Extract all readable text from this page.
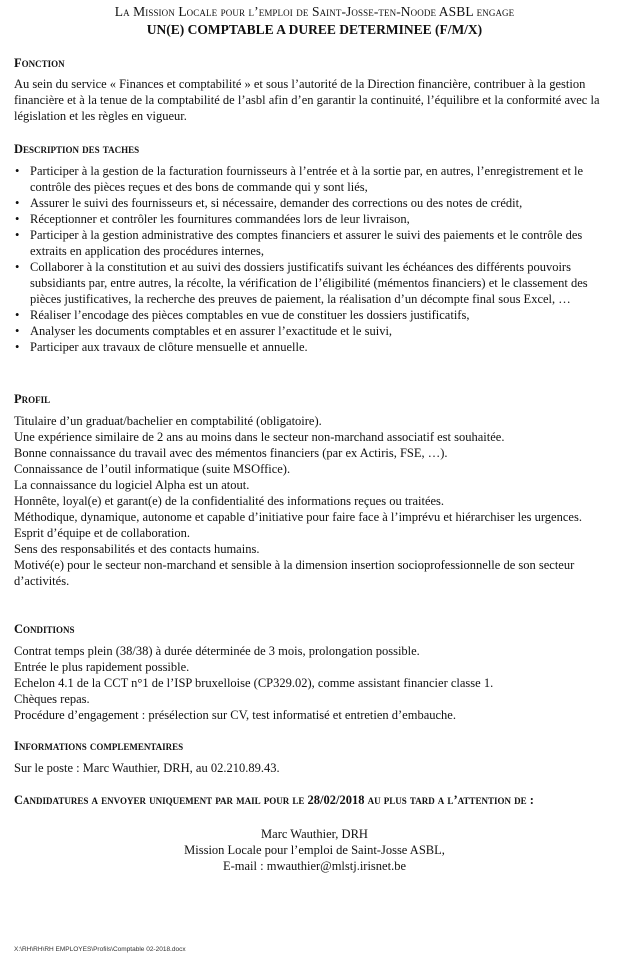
La Mission Locale pour l’emploi de Saint-Josse-ten-Noode ASBL engage
UN(E) COMPTABLE A DUREE DETERMINEE (F/M/X)
Fonction
Au sein du service « Finances et comptabilité » et sous l’autorité de la Direction financière, contribuer à la gestion financière et à la tenue de la comptabilité de l’asbl afin d’en garantir la continuité, l’équilibre et la conformité avec la législation et les règles en vigueur.
Description des taches
• Participer à la gestion de la facturation fournisseurs à l’entrée et à la sortie par, en autres, l’enregistrement et le contrôle des pièces reçues et des bons de commande qui y sont liés,
• Assurer le suivi des fournisseurs et, si nécessaire, demander des corrections ou des notes de crédit,
• Réceptionner et contrôler les fournitures commandées lors de leur livraison,
• Participer à la gestion administrative des comptes financiers et assurer le suivi des paiements et le contrôle des extraits en application des procédures internes,
• Collaborer à la constitution et au suivi des dossiers justificatifs suivant les échéances des différents pouvoirs subsidiants par, entre autres, la récolte, la vérification de l’éligibilité (mémentos financiers) et le classement des pièces justificatives, la recherche des preuves de paiement, la réalisation d’un décompte final sous Excel, …
• Réaliser l’encodage des pièces comptables en vue de constituer les dossiers justificatifs,
• Analyser les documents comptables et en assurer l’exactitude et le suivi,
• Participer aux travaux de clôture mensuelle et annuelle.
Profil
Titulaire d’un graduat/bachelier en comptabilité (obligatoire).
Une expérience similaire de 2 ans au moins dans le secteur non-marchand associatif est souhaitée.
Bonne connaissance du travail avec des mémentos financiers (par ex Actiris, FSE, …).
Connaissance de l’outil informatique (suite MSOffice).
La connaissance du logiciel Alpha est un atout.
Honnête, loyal(e) et garant(e) de la confidentialité des informations reçues ou traitées.
Méthodique, dynamique, autonome et capable d’initiative pour faire face à l’imprévu et hiérarchiser les urgences.
Esprit d’équipe et de collaboration.
Sens des responsabilités et des contacts humains.
Motivé(e) pour le secteur non-marchand et sensible à la dimension insertion socioprofessionnelle de son secteur d’activités.
Conditions
Contrat temps plein (38/38) à durée déterminée de 3 mois, prolongation possible.
Entrée le plus rapidement possible.
Echelon 4.1 de la CCT n°1 de l’ISP bruxelloise (CP329.02), comme assistant financier classe 1.
Chèques repas.
Procédure d’engagement : présélection sur CV, test informatisé et entretien d’embauche.
Informations complementaires
Sur le poste : Marc Wauthier, DRH, au 02.210.89.43.
Candidatures a envoyer uniquement par mail pour le 28/02/2018 au plus tard a l’attention de :
Marc Wauthier, DRH
Mission Locale pour l’emploi de Saint-Josse ASBL,
E-mail : mwauthier@mlstj.irisnet.be
X:\RH\RH\RH EMPLOYES\Profils\Comptable 02-2018.docx
